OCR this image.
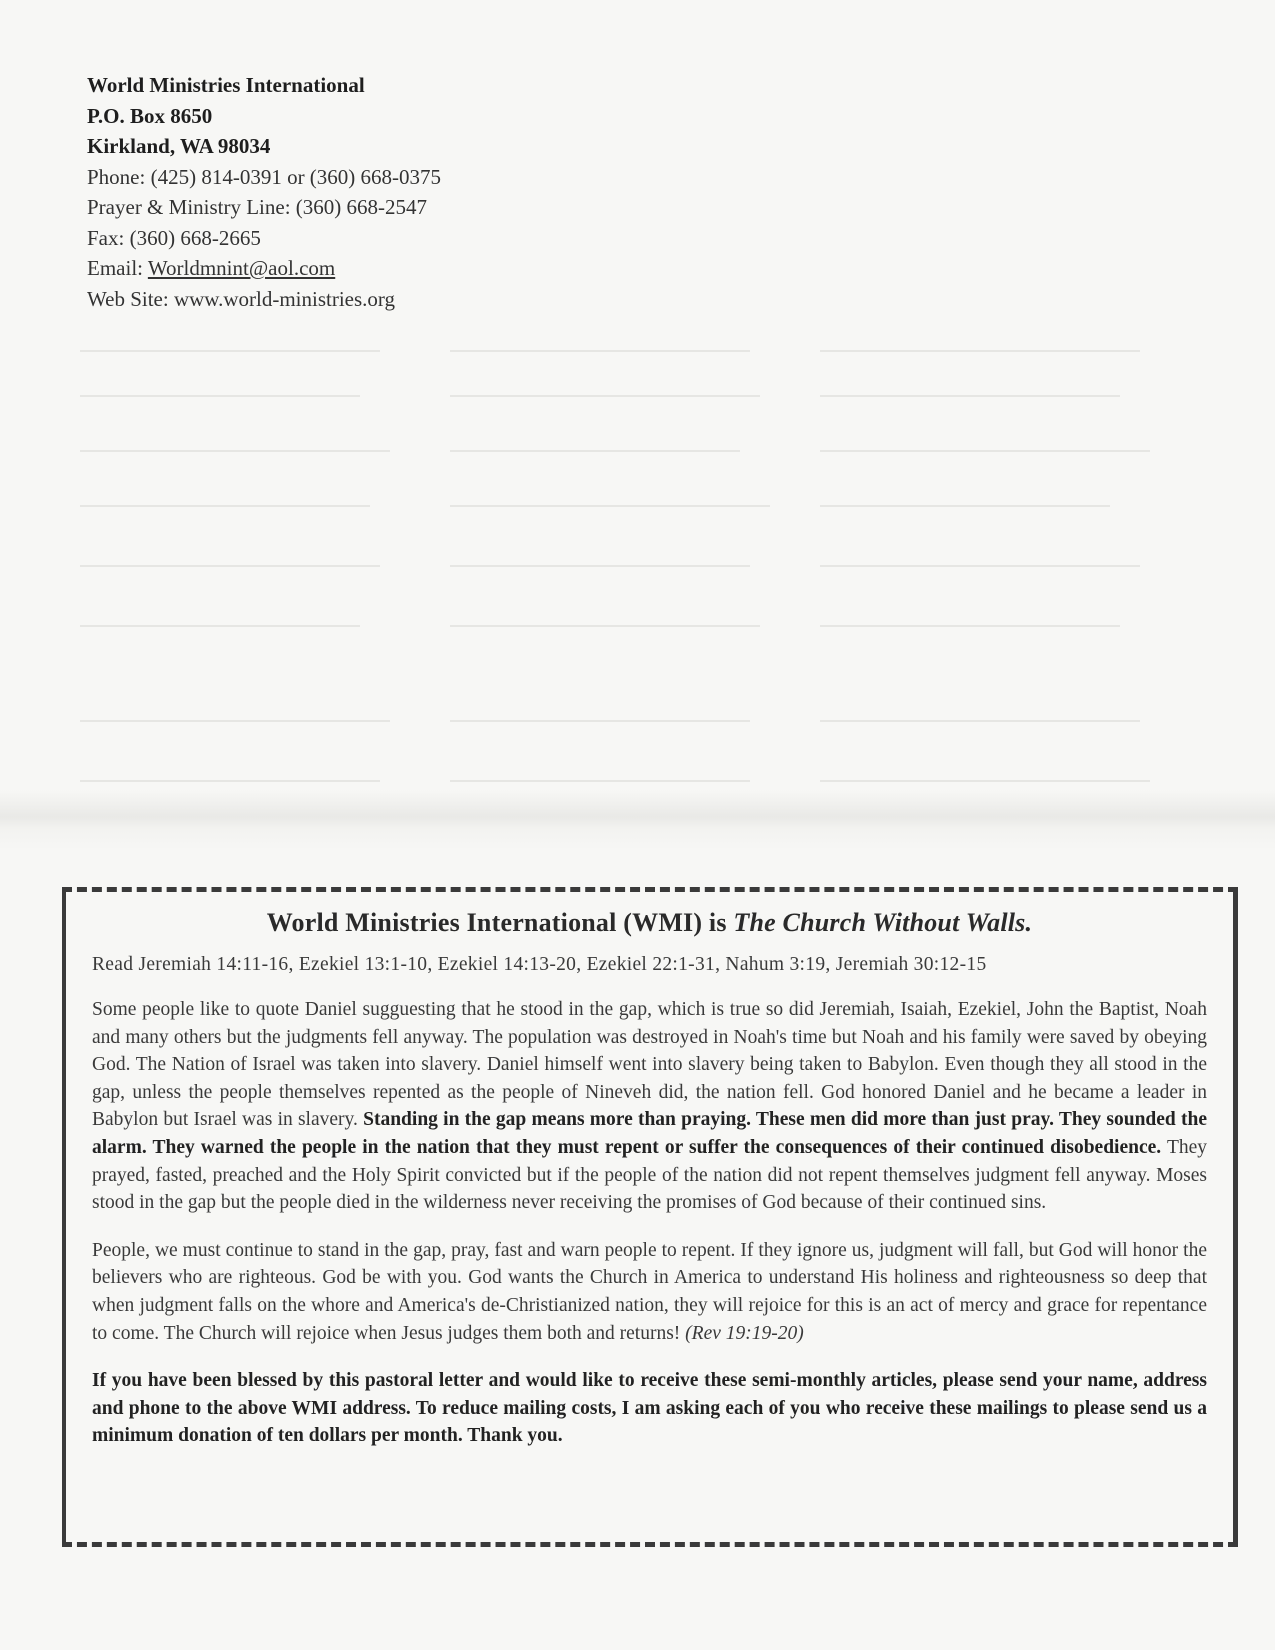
World Ministries International
P.O. Box 8650
Kirkland, WA 98034
Phone: (425) 814-0391 or (360) 668-0375
Prayer & Ministry Line: (360) 668-2547
Fax: (360) 668-2665
Email: Worldmnint@aol.com
Web Site: www.world-ministries.org
World Ministries International (WMI) is The Church Without Walls.
Read Jeremiah 14:11-16, Ezekiel 13:1-10, Ezekiel 14:13-20, Ezekiel 22:1-31, Nahum 3:19, Jeremiah 30:12-15
Some people like to quote Daniel sugguesting that he stood in the gap, which is true so did Jeremiah, Isaiah, Ezekiel, John the Baptist, Noah and many others but the judgments fell anyway. The population was destroyed in Noah's time but Noah and his family were saved by obeying God. The Nation of Israel was taken into slavery. Daniel himself went into slavery being taken to Babylon. Even though they all stood in the gap, unless the people themselves repented as the people of Nineveh did, the nation fell. God honored Daniel and he became a leader in Babylon but Israel was in slavery. Standing in the gap means more than praying. These men did more than just pray. They sounded the alarm. They warned the people in the nation that they must repent or suffer the consequences of their continued disobedience. They prayed, fasted, preached and the Holy Spirit convicted but if the people of the nation did not repent themselves judgment fell anyway. Moses stood in the gap but the people died in the wilderness never receiving the promises of God because of their continued sins.
People, we must continue to stand in the gap, pray, fast and warn people to repent. If they ignore us, judgment will fall, but God will honor the believers who are righteous. God be with you. God wants the Church in America to understand His holiness and righteousness so deep that when judgment falls on the whore and America's de-Christianized nation, they will rejoice for this is an act of mercy and grace for repentance to come. The Church will rejoice when Jesus judges them both and returns! (Rev 19:19-20)
If you have been blessed by this pastoral letter and would like to receive these semi-monthly articles, please send your name, address and phone to the above WMI address. To reduce mailing costs, I am asking each of you who receive these mailings to please send us a minimum donation of ten dollars per month. Thank you.
